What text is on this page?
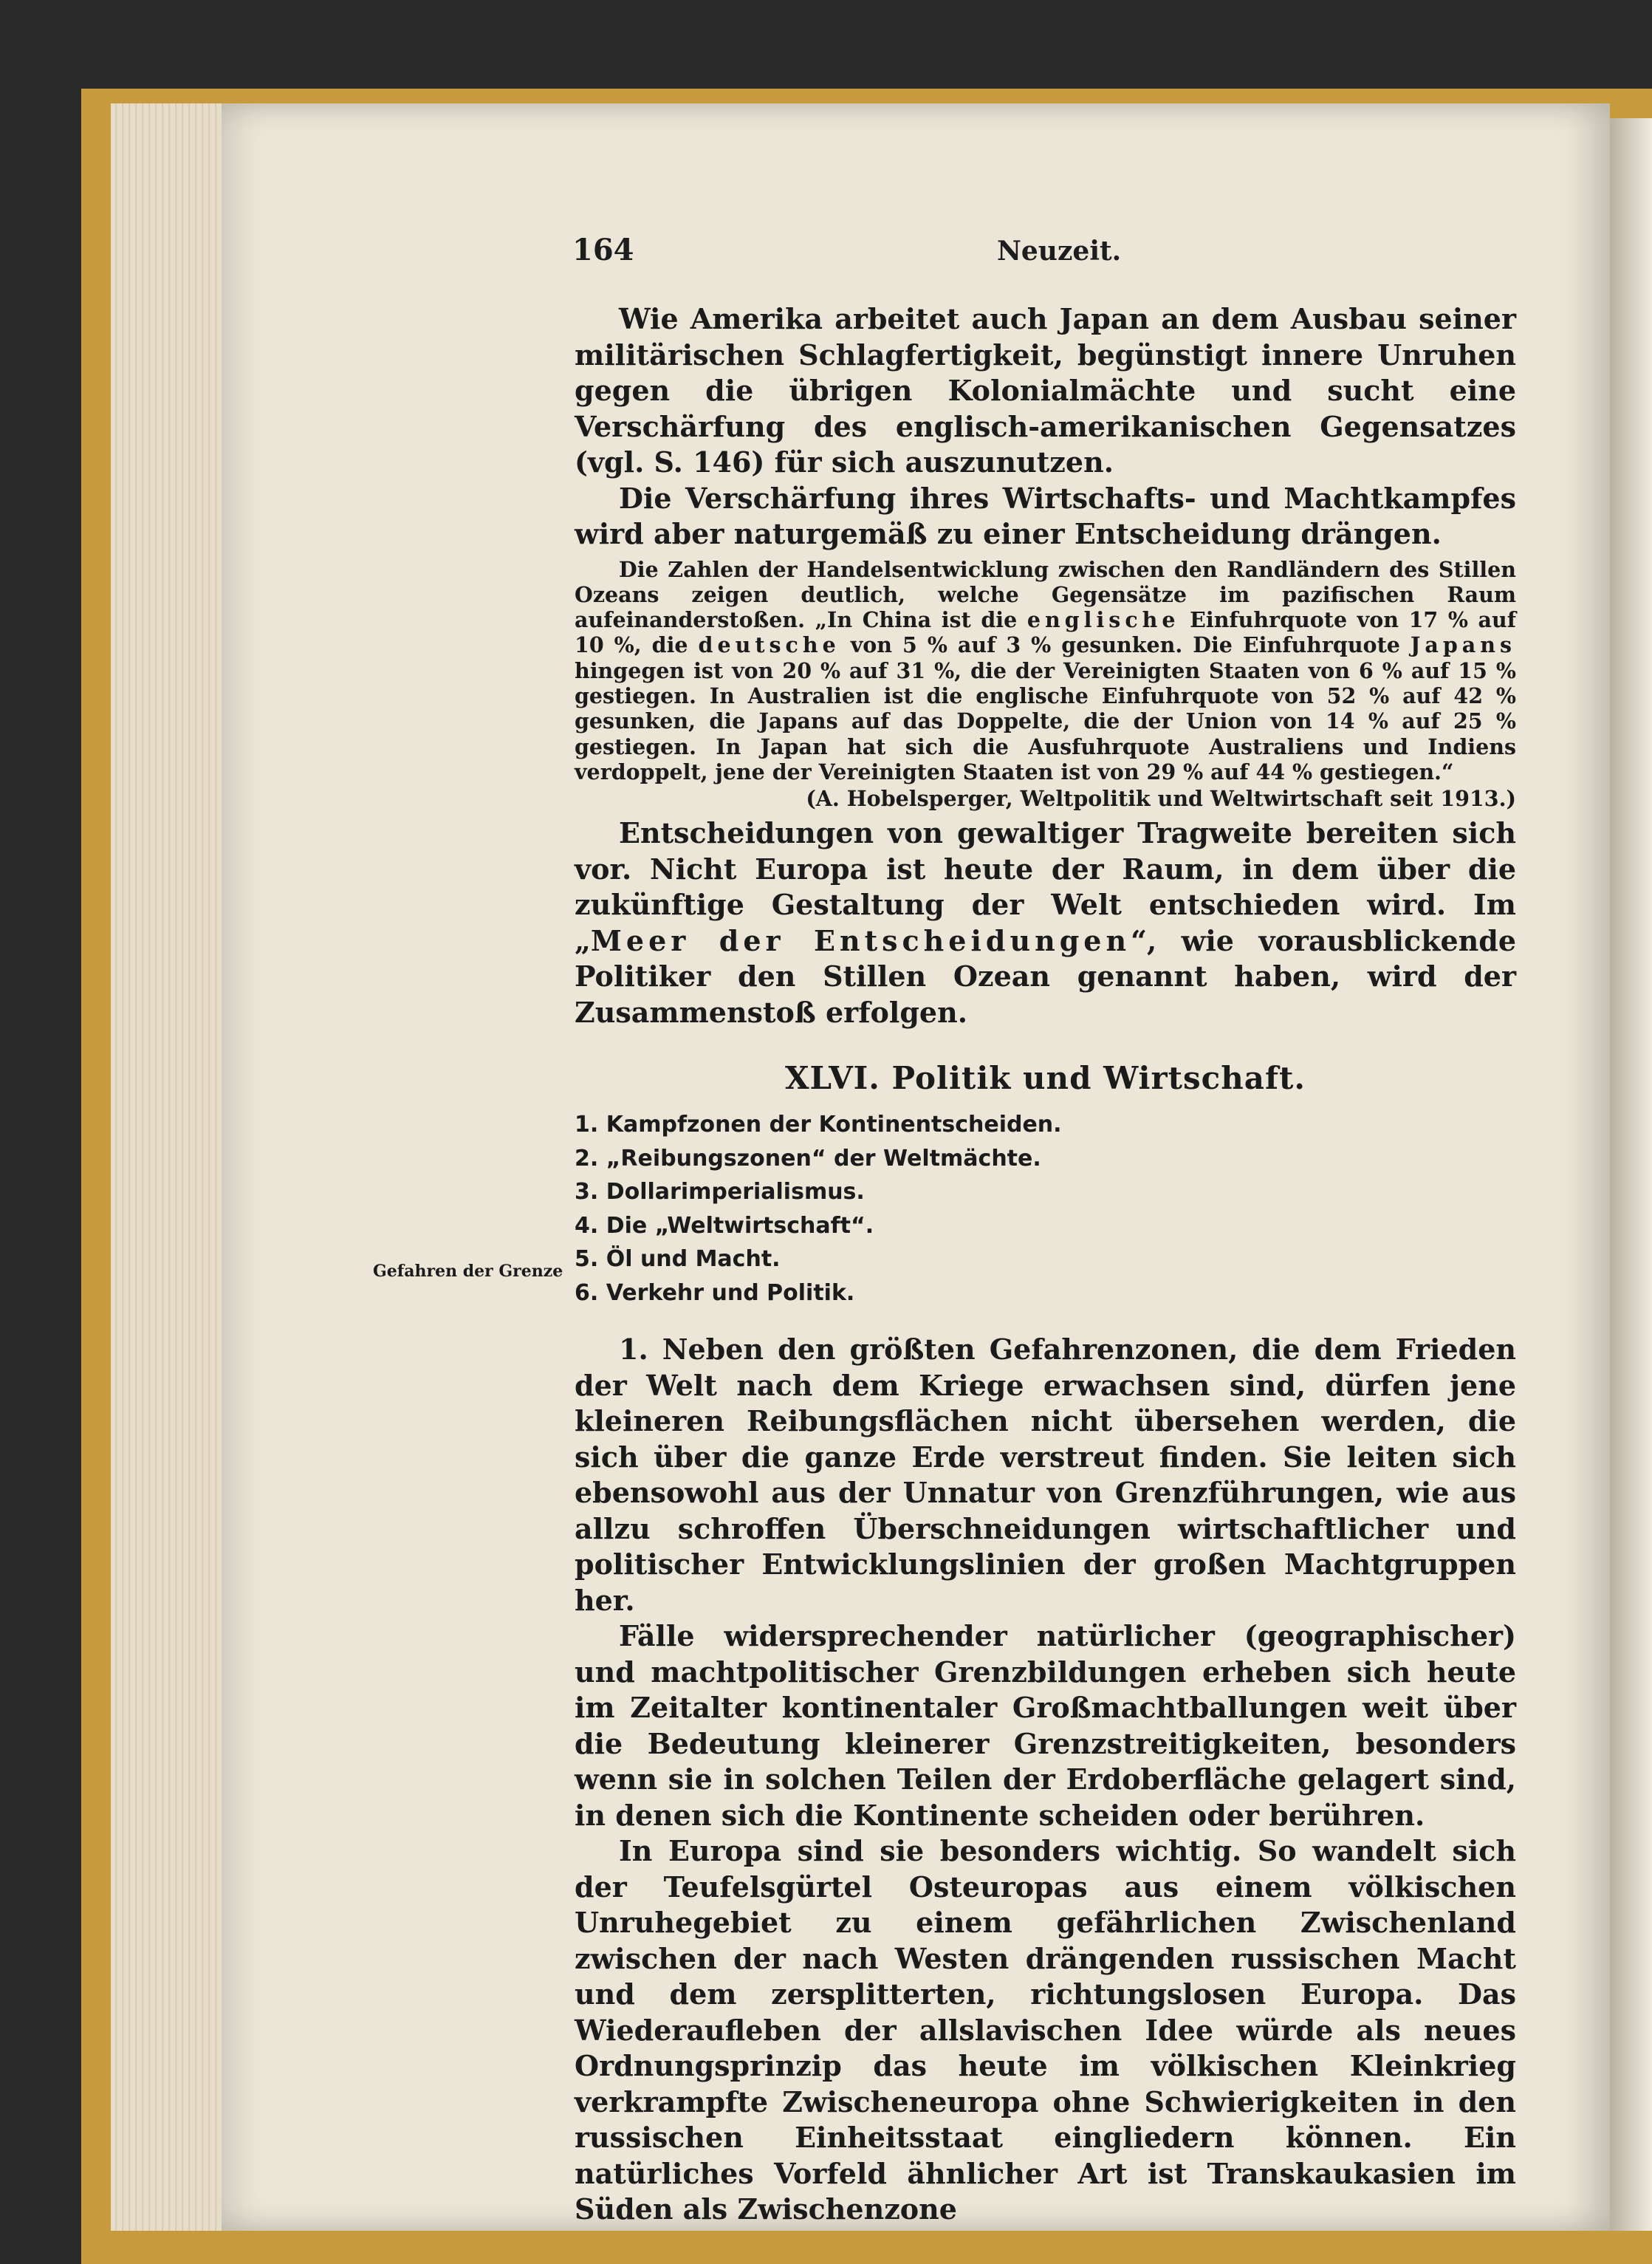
164	Neuzeit.
Gefahren der Grenze

Wie Amerika arbeitet auch Japan an dem Ausbau seiner militärischen Schlagfertigkeit, begünstigt innere Unruhen gegen die übrigen Kolonialmächte und sucht eine Verschärfung des englisch-amerikanischen Gegensatzes (vgl. S. 146) für sich auszunutzen.

Die Verschärfung ihres Wirtschafts- und Machtkampfes wird aber naturgemäß zu einer Entscheidung drängen.

Die Zahlen der Handelsentwicklung zwischen den Randländern des Stillen Ozeans zeigen deutlich, welche Gegensätze im pazifischen Raum aufeinanderstoßen. „In China ist die englische Einfuhrquote von 17 % auf 10 %, die deutsche von 5 % auf 3 % gesunken. Die Einfuhrquote Japans hingegen ist von 20 % auf 31 %, die der Vereinigten Staaten von 6 % auf 15 % gestiegen. In Australien ist die englische Einfuhrquote von 52 % auf 42 % gesunken, die Japans auf das Doppelte, die der Union von 14 % auf 25 % gestiegen. In Japan hat sich die Ausfuhrquote Australiens und Indiens verdoppelt, jene der Vereinigten Staaten ist von 29 % auf 44 % gestiegen.“

(A. Hobelsperger, Weltpolitik und Weltwirtschaft seit 1913.)

Entscheidungen von gewaltiger Tragweite bereiten sich vor. Nicht Europa ist heute der Raum, in dem über die zukünftige Gestaltung der Welt entschieden wird. Im „Meer der Entscheidungen“, wie vorausblickende Politiker den Stillen Ozean genannt haben, wird der Zusammenstoß erfolgen.

XLVI. Politik und Wirtschaft.
1. Kampfzonen der Kontinentscheiden.
2. „Reibungszonen“ der Weltmächte.
3. Dollarimperialismus.
4. Die „Weltwirtschaft“.
5. Öl und Macht.
6. Verkehr und Politik.

1. Neben den größten Gefahrenzonen, die dem Frieden der Welt nach dem Kriege erwachsen sind, dürfen jene kleineren Reibungsflächen nicht übersehen werden, die sich über die ganze Erde verstreut finden. Sie leiten sich ebensowohl aus der Unnatur von Grenzführungen, wie aus allzu schroffen Überschneidungen wirtschaftlicher und politischer Entwicklungslinien der großen Machtgruppen her.

Fälle widersprechender natürlicher (geographischer) und machtpolitischer Grenzbildungen erheben sich heute im Zeitalter kontinentaler Großmachtballungen weit über die Bedeutung kleinerer Grenzstreitigkeiten, besonders wenn sie in solchen Teilen der Erdoberfläche gelagert sind, in denen sich die Kontinente scheiden oder berühren.

In Europa sind sie besonders wichtig. So wandelt sich der Teufelsgürtel Osteuropas aus einem völkischen Unruhegebiet zu einem gefährlichen Zwischenland zwischen der nach Westen drängenden russischen Macht und dem zersplitterten, richtungslosen Europa. Das Wiederaufleben der allslavischen Idee würde als neues Ordnungsprinzip das heute im völkischen Kleinkrieg verkrampfte Zwischeneuropa ohne Schwierigkeiten in den russischen Einheitsstaat eingliedern können. Ein natürliches Vorfeld ähnlicher Art ist Transkaukasien im Süden als Zwischenzone
